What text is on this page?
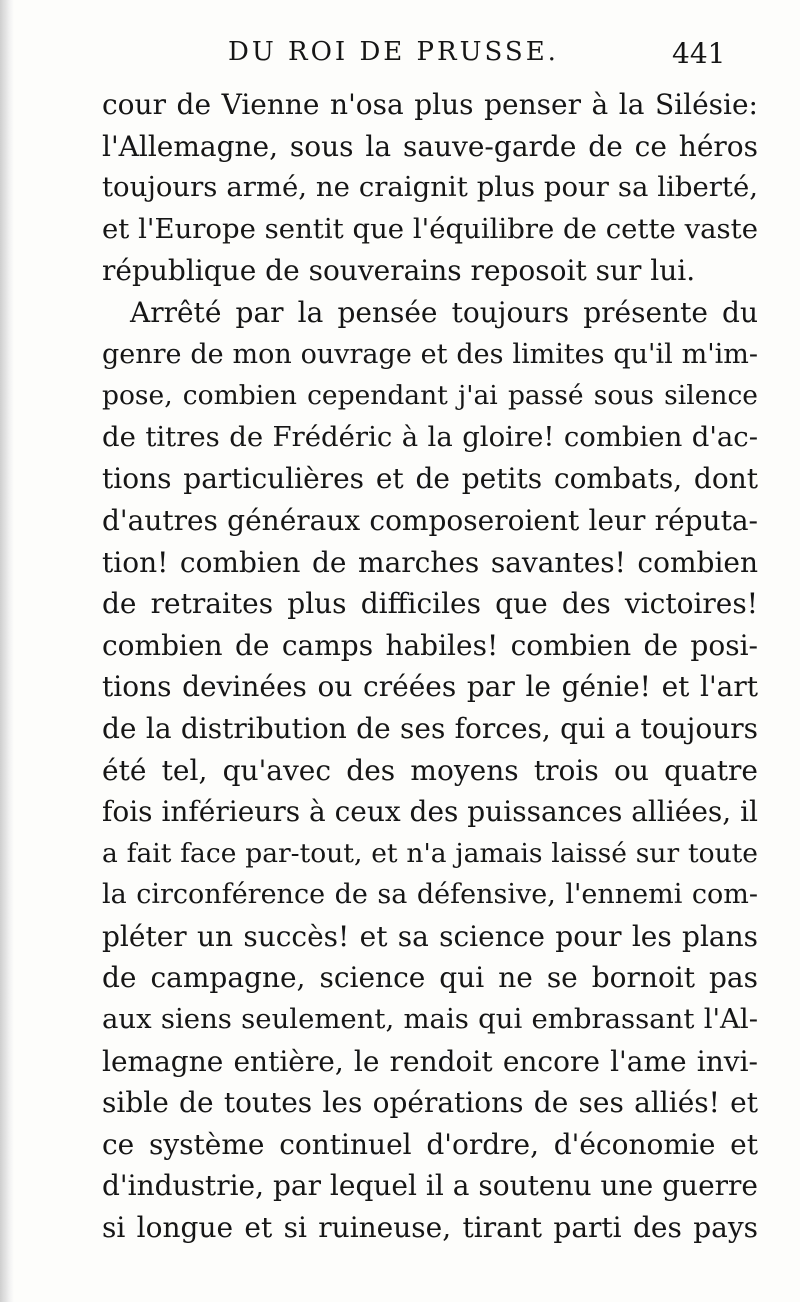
DU ROI DE PRUSSE.	441
cour de Vienne n'osa plus penser à la Silésie:
l'Allemagne, sous la sauve-garde de ce héros
toujours armé, ne craignit plus pour sa liberté,
et l'Europe sentit que l'équilibre de cette vaste
république de souverains reposoit sur lui.
Arrêté par la pensée toujours présente du
genre de mon ouvrage et des limites qu'il m'im-
pose, combien cependant j'ai passé sous silence
de titres de Frédéric à la gloire! combien d'ac-
tions particulières et de petits combats, dont
d'autres généraux composeroient leur réputa-
tion! combien de marches savantes! combien
de retraites plus difficiles que des victoires!
combien de camps habiles! combien de posi-
tions devinées ou créées par le génie! et l'art
de la distribution de ses forces, qui a toujours
été tel, qu'avec des moyens trois ou quatre
fois inférieurs à ceux des puissances alliées, il
a fait face par-tout, et n'a jamais laissé sur toute
la circonférence de sa défensive, l'ennemi com-
pléter un succès! et sa science pour les plans
de campagne, science qui ne se bornoit pas
aux siens seulement, mais qui embrassant l'Al-
lemagne entière, le rendoit encore l'ame invi-
sible de toutes les opérations de ses alliés! et
ce système continuel d'ordre, d'économie et
d'industrie, par lequel il a soutenu une guerre
si longue et si ruineuse, tirant parti des pays
